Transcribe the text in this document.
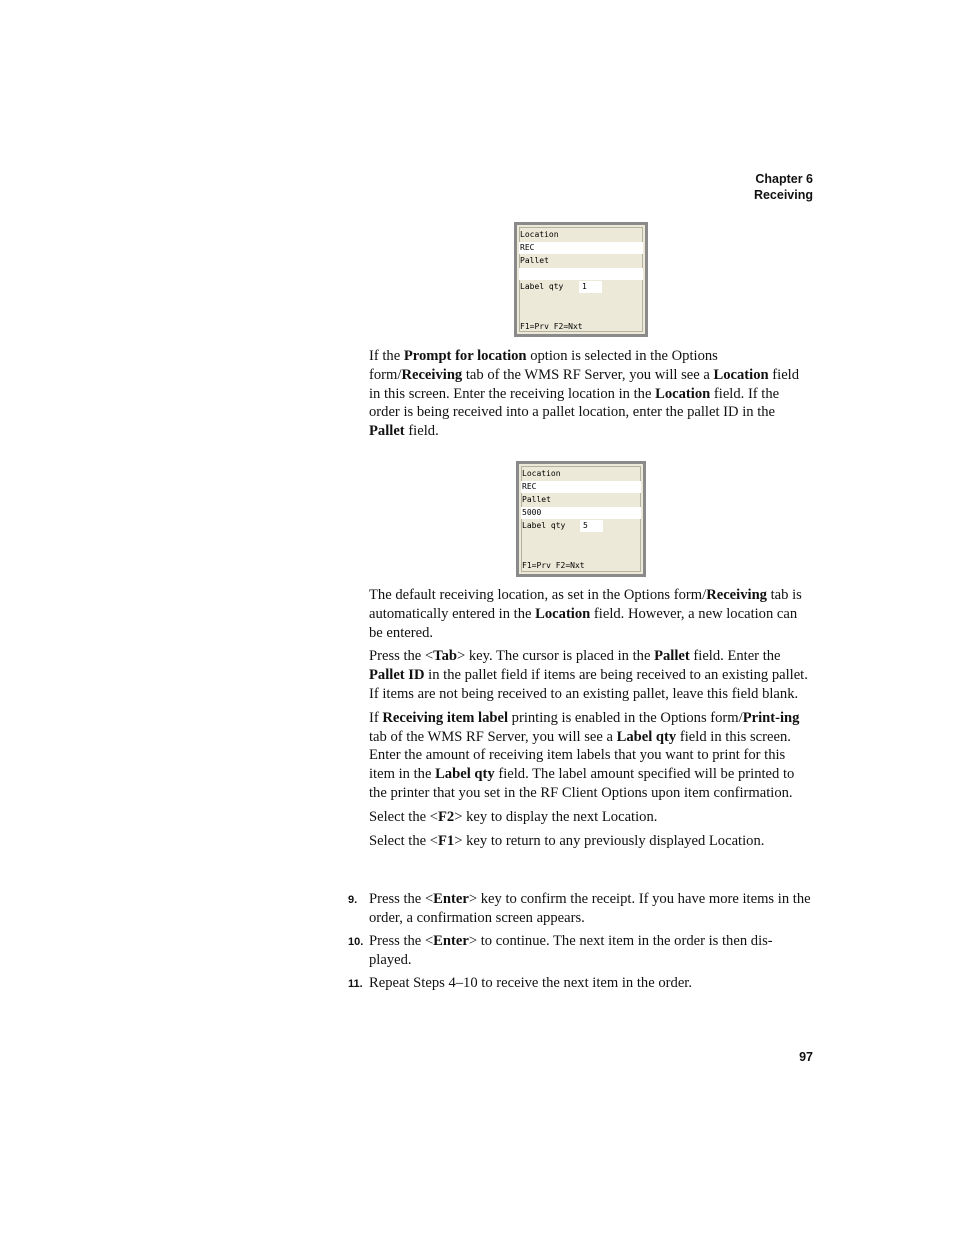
Chapter 6
Receiving
Location
REC
Pallet
Label qty	1
F1=Prv F2=Nxt

If the Prompt for location option is selected in the Options form/Receiving tab of the WMS RF Server, you will see a Location field in this screen. Enter the receiving location in the Location field. If the order is being received into a pallet location, enter the pallet ID in the Pallet field.

Location
REC
Pallet
5000
Label qty	5
F1=Prv F2=Nxt

The default receiving location, as set in the Options form/Receiving tab is automatically entered in the Location field. However, a new location can be entered.

Press the <Tab> key. The cursor is placed in the Pallet field. Enter the Pallet ID in the pallet field if items are being received to an existing pallet. If items are not being received to an existing pallet, leave this field blank.

If Receiving item label printing is enabled in the Options form/Print-ing tab of the WMS RF Server, you will see a Label qty field in this screen. Enter the amount of receiving item labels that you want to print for this item in the Label qty field. The label amount specified will be printed to the printer that you set in the RF Client Options upon item confirmation.

Select the <F2> key to display the next Location.

Select the <F1> key to return to any previously displayed Location.

9. Press the <Enter> key to confirm the receipt. If you have more items in the order, a confirmation screen appears.
10. Press the <Enter> to continue. The next item in the order is then dis-played.
11. Repeat Steps 4–10 to receive the next item in the order.
97
